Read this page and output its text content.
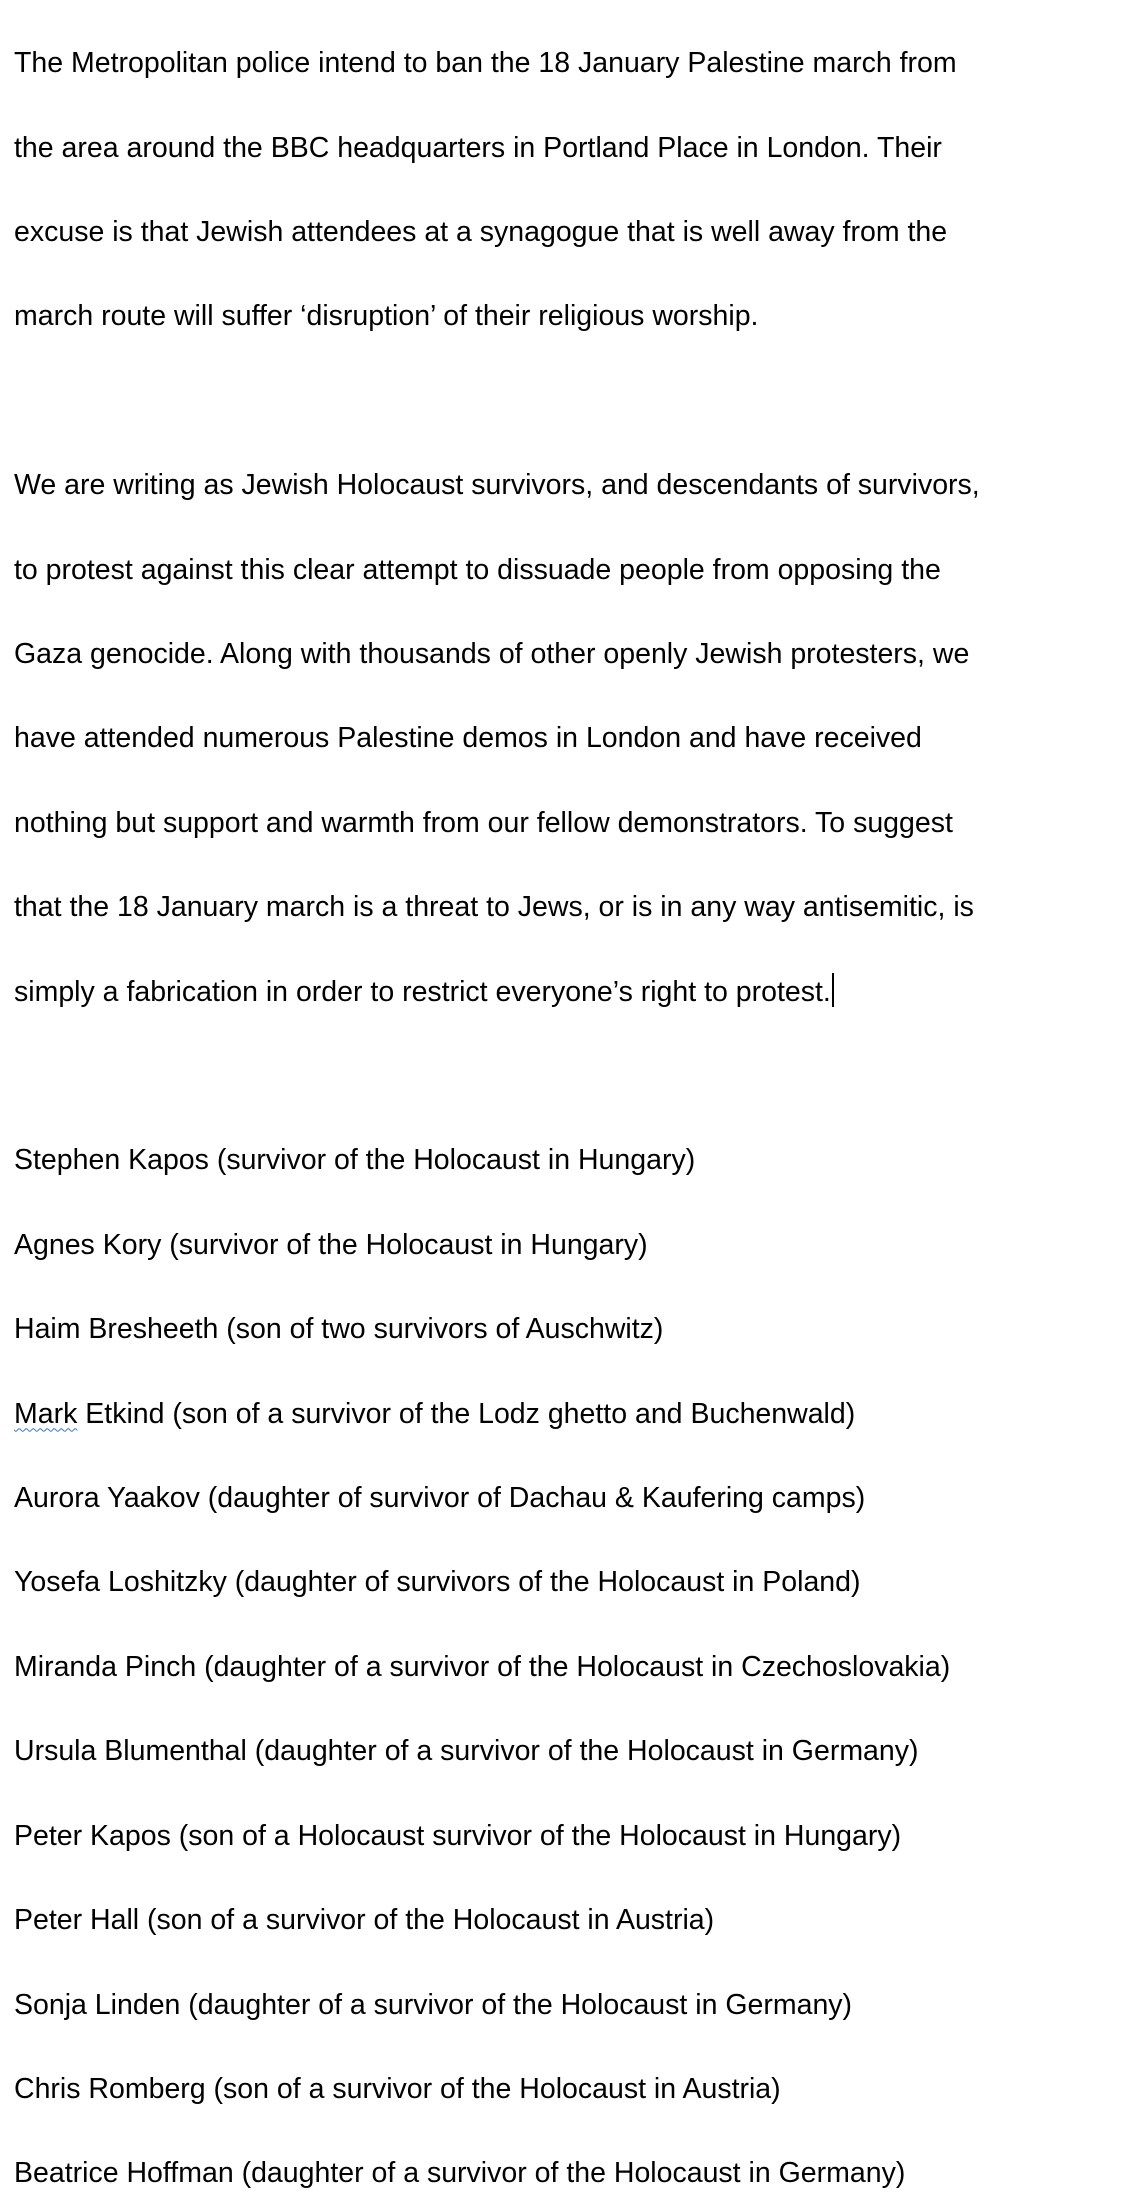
The Metropolitan police intend to ban the 18 January Palestine march from

the area around the BBC headquarters in Portland Place in London. Their

excuse is that Jewish attendees at a synagogue that is well away from the

march route will suffer ‘disruption’ of their religious worship.

We are writing as Jewish Holocaust survivors, and descendants of survivors,

to protest against this clear attempt to dissuade people from opposing the

Gaza genocide. Along with thousands of other openly Jewish protesters, we

have attended numerous Palestine demos in London and have received

nothing but support and warmth from our fellow demonstrators. To suggest

that the 18 January march is a threat to Jews, or is in any way antisemitic, is

simply a fabrication in order to restrict everyone’s right to protest.

Stephen Kapos (survivor of the Holocaust in Hungary)

Agnes Kory (survivor of the Holocaust in Hungary)

Haim Bresheeth (son of two survivors of Auschwitz)

Mark Etkind (son of a survivor of the Lodz ghetto and Buchenwald)

Aurora Yaakov (daughter of survivor of Dachau & Kaufering camps)

Yosefa Loshitzky (daughter of survivors of the Holocaust in Poland)

Miranda Pinch (daughter of a survivor of the Holocaust in Czechoslovakia)

Ursula Blumenthal (daughter of a survivor of the Holocaust in Germany)

Peter Kapos (son of a Holocaust survivor of the Holocaust in Hungary)

Peter Hall (son of a survivor of the Holocaust in Austria)

Sonja Linden (daughter of a survivor of the Holocaust in Germany)

Chris Romberg (son of a survivor of the Holocaust in Austria)

Beatrice Hoffman (daughter of a survivor of the Holocaust in Germany)
